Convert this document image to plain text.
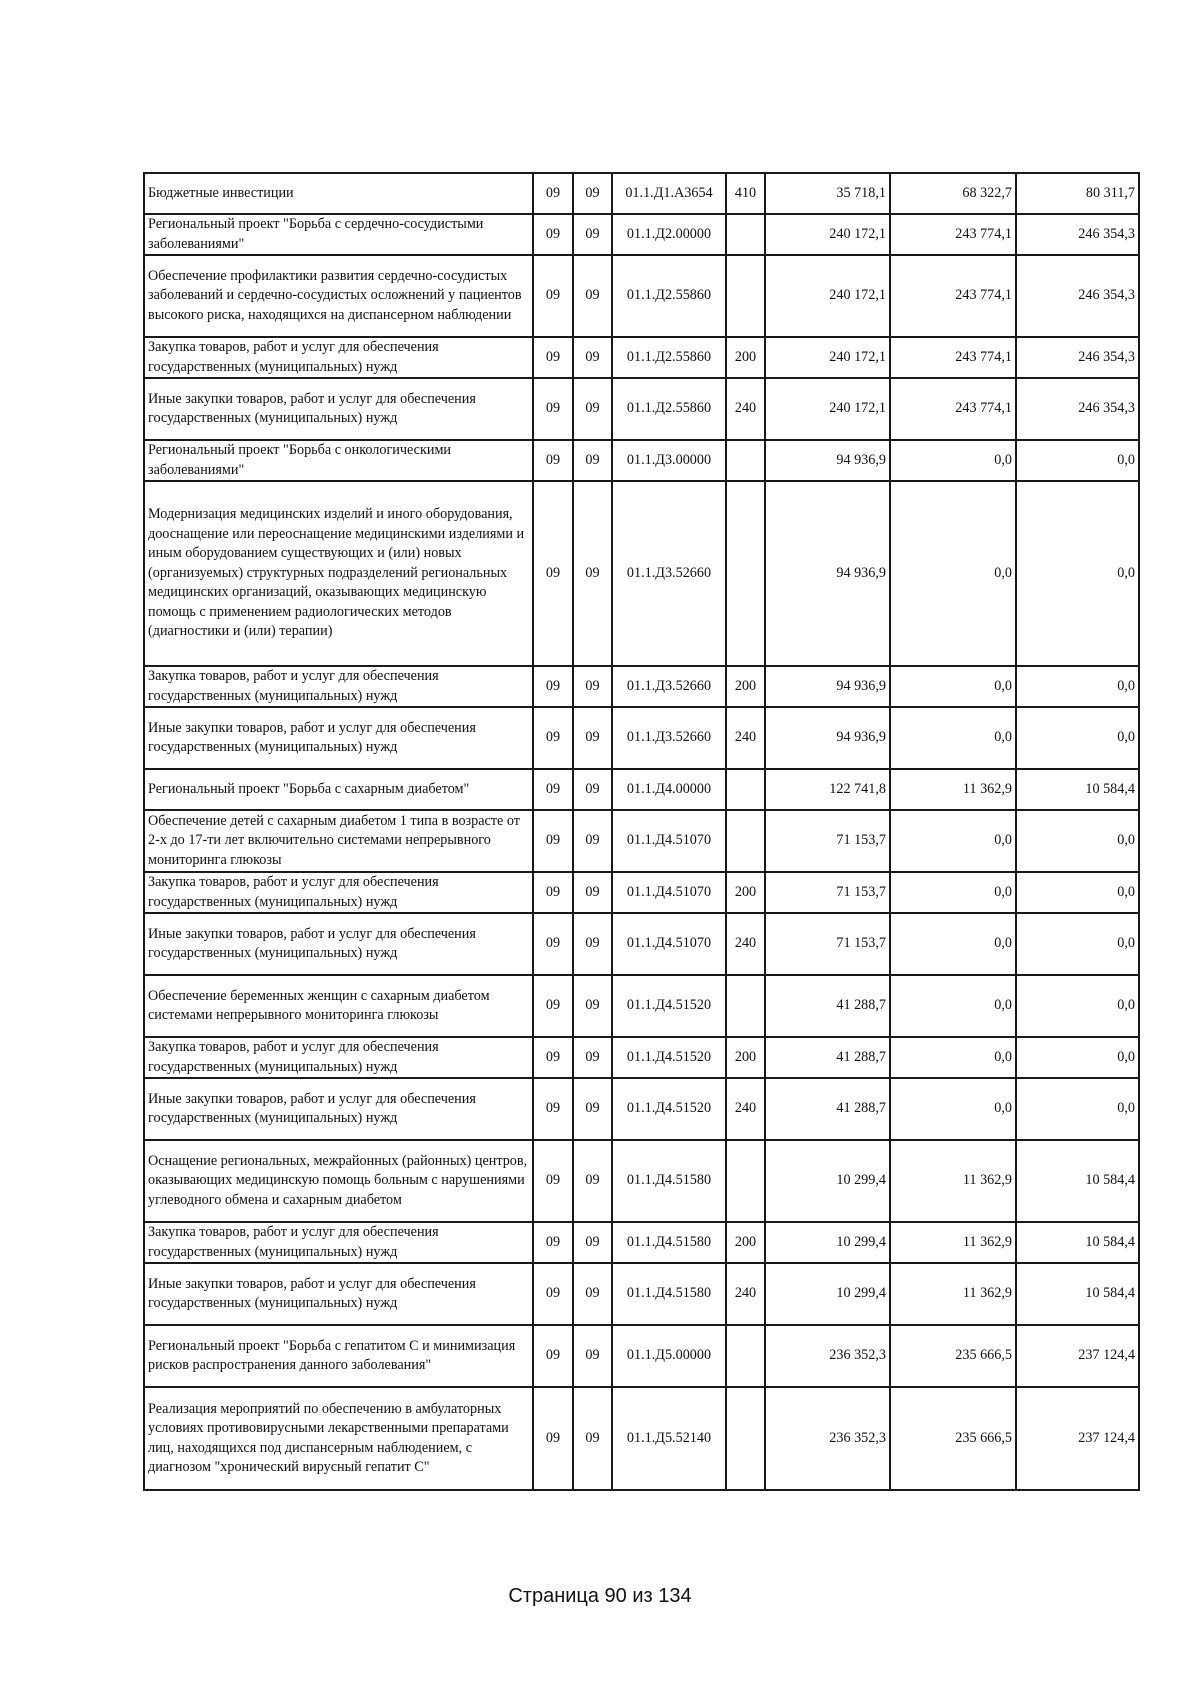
Бюджетные инвестиции	09	09	01.1.Д1.А3654	410	35 718,1	68 322,7	80 311,7
Региональный проект "Борьба с сердечно-сосудистыми заболеваниями"	09	09	01.1.Д2.00000		240 172,1	243 774,1	246 354,3
Обеспечение профилактики развития сердечно-сосудистых заболеваний и сердечно-сосудистых осложнений у пациентов высокого риска, находящихся на диспансерном наблюдении	09	09	01.1.Д2.55860		240 172,1	243 774,1	246 354,3
Закупка товаров, работ и услуг для обеспечения государственных (муниципальных) нужд	09	09	01.1.Д2.55860	200	240 172,1	243 774,1	246 354,3
Иные закупки товаров, работ и услуг для обеспечения государственных (муниципальных) нужд	09	09	01.1.Д2.55860	240	240 172,1	243 774,1	246 354,3
Региональный проект "Борьба с онкологическими заболеваниями"	09	09	01.1.Д3.00000		94 936,9	0,0	0,0
Модернизация медицинских изделий и иного оборудования, дооснащение или переоснащение медицинскими изделиями и иным оборудованием существующих и (или) новых (организуемых) структурных подразделений региональных медицинских организаций, оказывающих медицинскую помощь с применением радиологических методов (диагностики и (или) терапии)	09	09	01.1.Д3.52660		94 936,9	0,0	0,0
Закупка товаров, работ и услуг для обеспечения государственных (муниципальных) нужд	09	09	01.1.Д3.52660	200	94 936,9	0,0	0,0
Иные закупки товаров, работ и услуг для обеспечения государственных (муниципальных) нужд	09	09	01.1.Д3.52660	240	94 936,9	0,0	0,0
Региональный проект "Борьба с сахарным диабетом"	09	09	01.1.Д4.00000		122 741,8	11 362,9	10 584,4
Обеспечение детей с сахарным диабетом 1 типа в возрасте от 2-х до 17-ти лет включительно системами непрерывного мониторинга глюкозы	09	09	01.1.Д4.51070		71 153,7	0,0	0,0
Закупка товаров, работ и услуг для обеспечения государственных (муниципальных) нужд	09	09	01.1.Д4.51070	200	71 153,7	0,0	0,0
Иные закупки товаров, работ и услуг для обеспечения государственных (муниципальных) нужд	09	09	01.1.Д4.51070	240	71 153,7	0,0	0,0
Обеспечение беременных женщин с сахарным диабетом системами непрерывного мониторинга глюкозы	09	09	01.1.Д4.51520		41 288,7	0,0	0,0
Закупка товаров, работ и услуг для обеспечения государственных (муниципальных) нужд	09	09	01.1.Д4.51520	200	41 288,7	0,0	0,0
Иные закупки товаров, работ и услуг для обеспечения государственных (муниципальных) нужд	09	09	01.1.Д4.51520	240	41 288,7	0,0	0,0
Оснащение региональных, межрайонных (районных) центров, оказывающих медицинскую помощь больным с нарушениями углеводного обмена и сахарным диабетом	09	09	01.1.Д4.51580		10 299,4	11 362,9	10 584,4
Закупка товаров, работ и услуг для обеспечения государственных (муниципальных) нужд	09	09	01.1.Д4.51580	200	10 299,4	11 362,9	10 584,4
Иные закупки товаров, работ и услуг для обеспечения государственных (муниципальных) нужд	09	09	01.1.Д4.51580	240	10 299,4	11 362,9	10 584,4
Региональный проект "Борьба с гепатитом С и минимизация рисков распространения данного заболевания"	09	09	01.1.Д5.00000		236 352,3	235 666,5	237 124,4
Реализация мероприятий по обеспечению в амбулаторных условиях противовирусными лекарственными препаратами лиц, находящихся под диспансерным наблюдением, с диагнозом "хронический вирусный гепатит С"	09	09	01.1.Д5.52140		236 352,3	235 666,5	237 124,4
Страница 90 из 134
